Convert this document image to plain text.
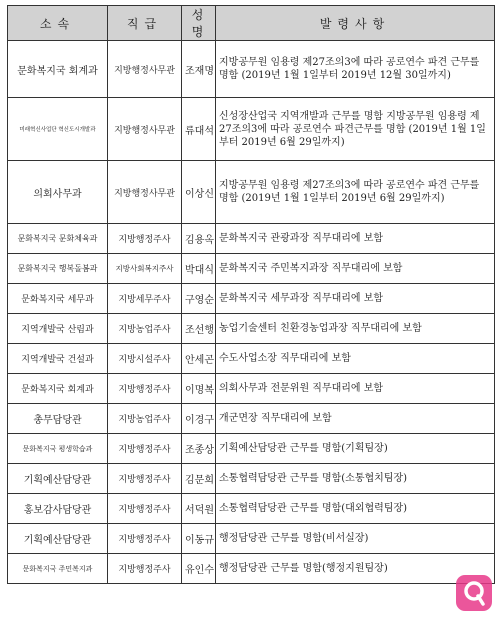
소속	직급	성명	발령사항
문화복지국 회계과	지방행정사무관	조재명	지방공무원 임용령 제27조의3에 따라 공로연수 파견 근무를 명함 (2019년 1월 1일부터 2019년 12월 30일까지)
미래혁신사업단 혁신도시개발과	지방행정사무관	류대석	신성장산업국 지역개발과 근무를 명함 지방공무원 임용령 제27조의3에 따라 공로연수 파견근무를 명함 (2019년 1월 1일부터 2019년 6월 29일까지)
의회사무과	지방행정사무관	이상신	지방공무원 임용령 제27조의3에 따라 공로연수 파견 근무를 명함 (2019년 1월 1일부터 2019년 6월 29일까지)
문화복지국 문화체육과	지방행정주사	김용옥	문화복지국 관광과장 직무대리에 보함
문화복지국 행복돌봄과	지방사회복지주사	박대식	문화복지국 주민복지과장 직무대리에 보함
문화복지국 세무과	지방세무주사	구영순	문화복지국 세무과장 직무대리에 보함
지역개발국 산림과	지방농업주사	조선행	농업기술센터 친환경농업과장 직무대리에 보함
지역개발국 건설과	지방시설주사	안세곤	수도사업소장 직무대리에 보함
문화복지국 회계과	지방행정주사	이명복	의회사무과 전문위원 직무대리에 보함
총무담당관	지방농업주사	이경구	개군면장 직무대리에 보함
문화복지국 평생학습과	지방행정주사	조종상	기획예산담당관 근무를 명함(기획팀장)
기획예산담당관	지방행정주사	김문희	소통협력담당관 근무를 명함(소통협치팀장)
홍보감사담당관	지방행정주사	서덕원	소통협력담당관 근무를 명함(대외협력팀장)
기획예산담당관	지방행정주사	이동규	행정담당관 근무를 명함(비서실장)
문화복지국 주민복지과	지방행정주사	유인수	행정담당관 근무를 명함(행정지원팀장)
